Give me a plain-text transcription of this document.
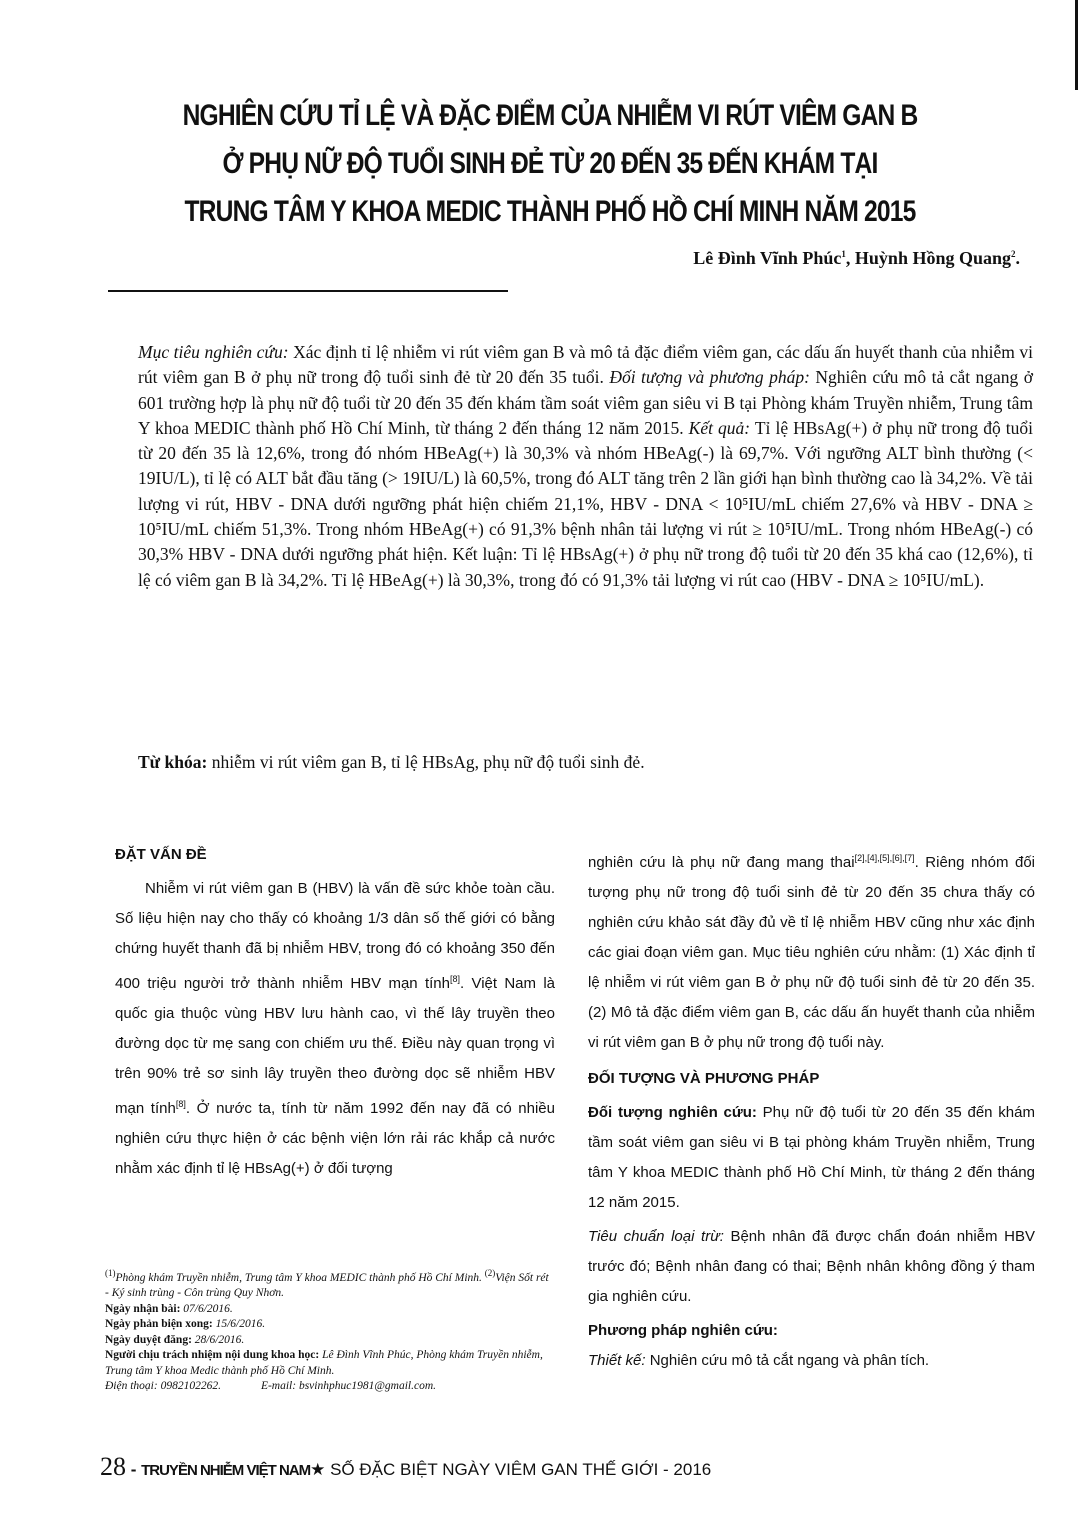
NGHIÊN CỨU TỈ LỆ VÀ ĐẶC ĐIỂM CỦA NHIỄM VI RÚT VIÊM GAN B
Ở PHỤ NỮ ĐỘ TUỔI SINH ĐẺ TỪ 20 ĐẾN 35 ĐẾN KHÁM TẠI
TRUNG TÂM Y KHOA MEDIC THÀNH PHỐ HỒ CHÍ MINH NĂM 2015
Lê Đình Vĩnh Phúc$^1$, Huỳnh Hồng Quang$^2$.
Mục tiêu nghiên cứu: Xác định tỉ lệ nhiễm vi rút viêm gan B và mô tả đặc điểm viêm gan, các dấu ấn huyết thanh của nhiễm vi rút viêm gan B ở phụ nữ trong độ tuổi sinh đẻ từ 20 đến 35 tuổi. Đối tượng và phương pháp: Nghiên cứu mô tả cắt ngang ở 601 trường hợp là phụ nữ độ tuổi từ 20 đến 35 đến khám tầm soát viêm gan siêu vi B tại Phòng khám Truyền nhiễm, Trung tâm Y khoa MEDIC thành phố Hồ Chí Minh, từ tháng 2 đến tháng 12 năm 2015. Kết quả: Tỉ lệ HBsAg(+) ở phụ nữ trong độ tuổi từ 20 đến 35 là 12,6%, trong đó nhóm HBeAg(+) là 30,3% và nhóm HBeAg(-) là 69,7%. Với ngưỡng ALT bình thường (< 19IU/L), tỉ lệ có ALT bắt đầu tăng (> 19IU/L) là 60,5%, trong đó ALT tăng trên 2 lần giới hạn bình thường cao là 34,2%. Về tải lượng vi rút, HBV - DNA dưới ngưỡng phát hiện chiếm 21,1%, HBV - DNA < 10⁵IU/mL chiếm 27,6% và HBV - DNA ≥ 10⁵IU/mL chiếm 51,3%. Trong nhóm HBeAg(+) có 91,3% bệnh nhân tải lượng vi rút ≥ 10⁵IU/mL. Trong nhóm HBeAg(-) có 30,3% HBV - DNA dưới ngưỡng phát hiện. Kết luận: Tỉ lệ HBsAg(+) ở phụ nữ trong độ tuổi từ 20 đến 35 khá cao (12,6%), tỉ lệ có viêm gan B là 34,2%. Tỉ lệ HBeAg(+) là 30,3%, trong đó có 91,3% tải lượng vi rút cao (HBV - DNA ≥ 10⁵IU/mL).
Từ khóa: nhiễm vi rút viêm gan B, tỉ lệ HBsAg, phụ nữ độ tuổi sinh đẻ.
ĐẶT VẤN ĐỀ

Nhiễm vi rút viêm gan B (HBV) là vấn đề sức khỏe toàn cầu. Số liệu hiện nay cho thấy có khoảng 1/3 dân số thế giới có bằng chứng huyết thanh đã bị nhiễm HBV, trong đó có khoảng 350 đến 400 triệu người trở thành nhiễm HBV mạn tính[8]. Việt Nam là quốc gia thuộc vùng HBV lưu hành cao, vì thế lây truyền theo đường dọc từ mẹ sang con chiếm ưu thế. Điều này quan trọng vì trên 90% trẻ sơ sinh lây truyền theo đường dọc sẽ nhiễm HBV mạn tính[8]. Ở nước ta, tính từ năm 1992 đến nay đã có nhiều nghiên cứu thực hiện ở các bệnh viện lớn rải rác khắp cả nước nhằm xác định tỉ lệ HBsAg(+) ở đối tượng

nghiên cứu là phụ nữ đang mang thai[2],[4],[5],[6],[7]. Riêng nhóm đối tượng phụ nữ trong độ tuổi sinh đẻ từ 20 đến 35 chưa thấy có nghiên cứu khảo sát đầy đủ về tỉ lệ nhiễm HBV cũng như xác định các giai đoạn viêm gan. Mục tiêu nghiên cứu nhằm: (1) Xác định tỉ lệ nhiễm vi rút viêm gan B ở phụ nữ độ tuổi sinh đẻ từ 20 đến 35. (2) Mô tả đặc điểm viêm gan B, các dấu ấn huyết thanh của nhiễm vi rút viêm gan B ở phụ nữ trong độ tuổi này.

ĐỐI TƯỢNG VÀ PHƯƠNG PHÁP

Đối tượng nghiên cứu: Phụ nữ độ tuổi từ 20 đến 35 đến khám tầm soát viêm gan siêu vi B tại phòng khám Truyền nhiễm, Trung tâm Y khoa MEDIC thành phố Hồ Chí Minh, từ tháng 2 đến tháng 12 năm 2015.

Tiêu chuẩn loại trừ: Bệnh nhân đã được chẩn đoán nhiễm HBV trước đó; Bệnh nhân đang có thai; Bệnh nhân không đồng ý tham gia nghiên cứu.

Phương pháp nghiên cứu:

Thiết kế: Nghiên cứu mô tả cắt ngang và phân tích.

$^{(1)}$Phòng khám Truyền nhiễm, Trung tâm Y khoa MEDIC thành phố Hồ Chí Minh. $^{(2)}$Viện Sốt rét - Ký sinh trùng - Côn trùng Quy Nhơn.
Ngày nhận bài: 07/6/2016.
Ngày phản biện xong: 15/6/2016.
Ngày duyệt đăng: 28/6/2016.
Người chịu trách nhiệm nội dung khoa học: Lê Đình Vĩnh Phúc, Phòng khám Truyền nhiễm, Trung tâm Y khoa Medic thành phố Hồ Chí Minh.
Điện thoại: 0982102262.	E-mail: bsvinhphuc1981@gmail.com.
28 - TRUYỀN NHIỄM VIỆT NAM★ SỐ ĐẶC BIỆT NGÀY VIÊM GAN THẾ GIỚI - 2016
